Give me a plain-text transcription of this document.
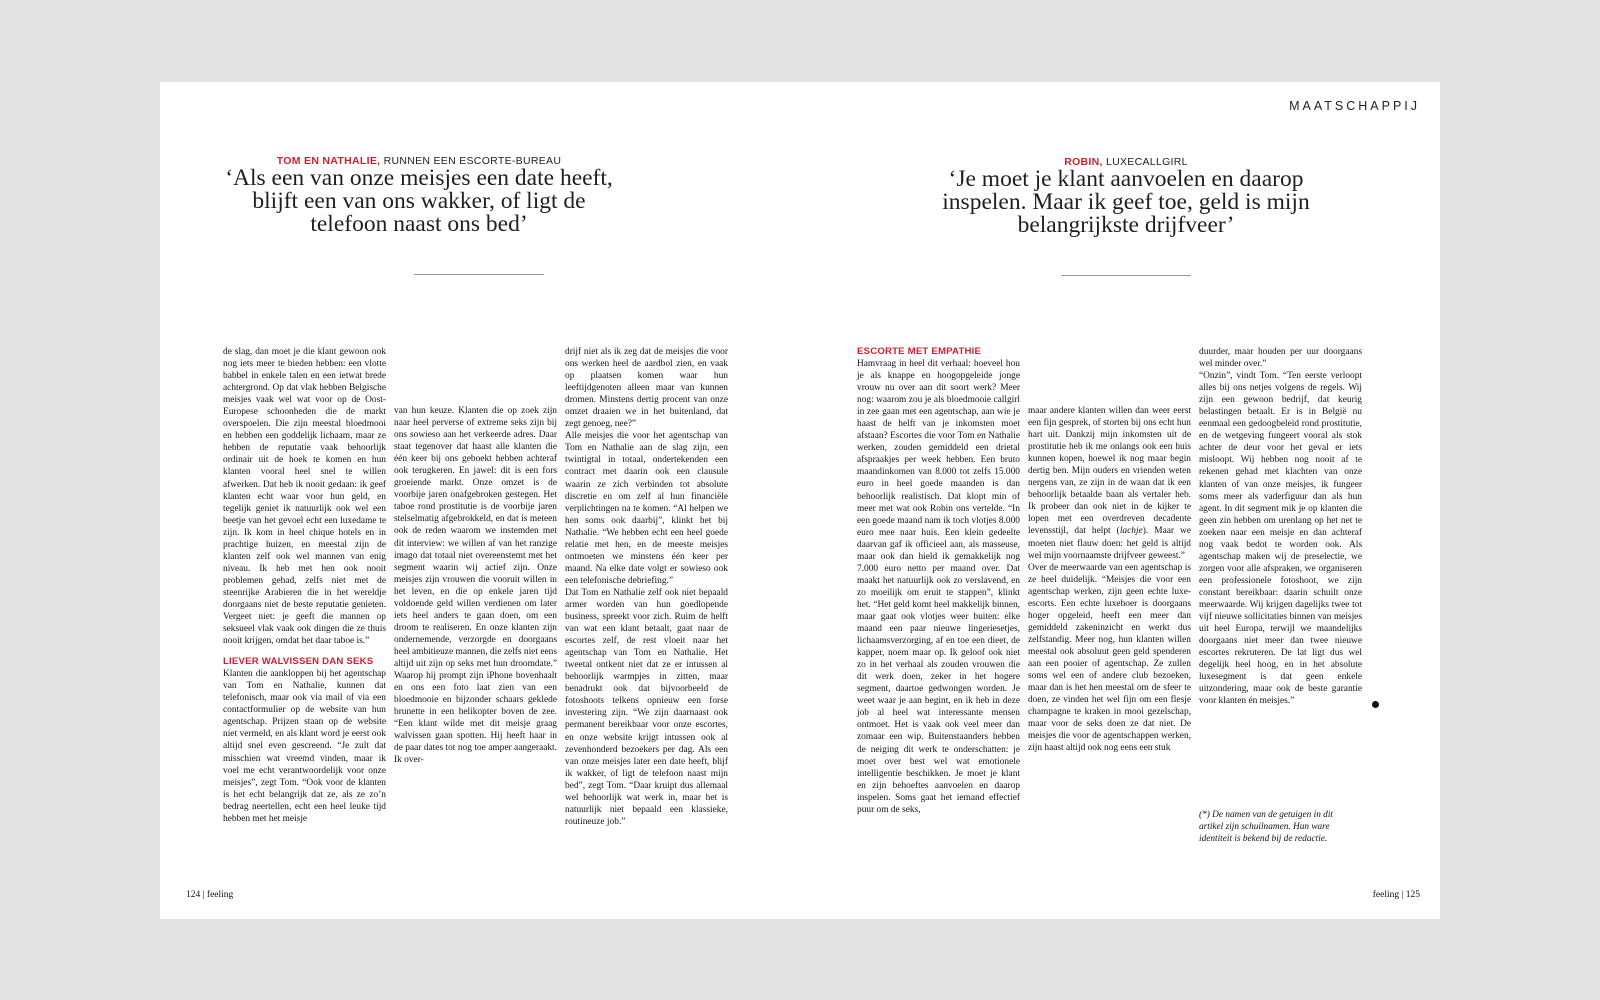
MAATSCHAPPIJ
TOM EN NATHALIE, RUNNEN EEN ESCORTE-BUREAU
‘Als een van onze meisjes een date heeft, blijft een van ons wakker, of ligt de telefoon naast ons bed’
ROBIN, LUXECALLGIRL
‘Je moet je klant aanvoelen en daarop inspelen. Maar ik geef toe, geld is mijn belangrijkste drijfveer’

de slag, dan moet je die klant gewoon ook nog iets meer te bieden hebben: een vlotte babbel in enkele talen en een ietwat brede achtergrond. Op dat vlak hebben Belgische meisjes vaak wel wat voor op de Oost-Europese schoonheden die de markt overspoelen. Die zijn meestal bloedmooi en hebben een goddelijk lichaam, maar ze hebben de reputatie vaak behoorlijk ordinair uit de hoek te komen en hun klanten vooral heel snel te willen afwerken. Dat heb ik nooit gedaan: ik geef klanten echt waar voor hun geld, en tegelijk geniet ik natuurlijk ook wel een beetje van het gevoel echt een luxedame te zijn. Ik kom in heel chique hotels en in prachtige huizen, en meestal zijn de klanten zelf ook wel mannen van enig niveau. Ik heb met hen ook nooit problemen gehad, zelfs niet met de steenrijke Arabieren die in het wereldje doorgaans niet de beste reputatie genieten. Vergeet niet: je geeft die mannen op seksueel vlak vaak ook dingen die ze thuis nooit krijgen, omdat het daar taboe is.”

LIEVER WALVISSEN DAN SEKS

Klanten die aankloppen bij het agentschap van Tom en Nathalie, kunnen dat telefonisch, maar ook via mail of via een contactformulier op de website van hun agentschap. Prijzen staan op de website niet vermeld, en als klant word je eerst ook altijd snel even gescreend. “Je zult dat misschien wat vreemd vinden, maar ik voel me echt verantwoordelijk voor onze meisjes”, zegt Tom. “Ook voor de klanten is het echt belangrijk dat ze, als ze zo’n bedrag neertellen, echt een heel leuke tijd hebben met het meisje

van hun keuze. Klanten die op zoek zijn naar heel perverse of extreme seks zijn bij ons sowieso aan het verkeerde adres. Daar staat tegenover dat haast alle klanten die één keer bij ons geboekt hebben achteraf ook terugkeren. En jawel: dit is een fors groeiende markt. Onze omzet is de voorbije jaren onafgebroken gestegen. Het taboe rond prostitutie is de voorbije jaren stelselmatig afgebrokkeld, en dat is meteen ook de reden waarom we instemden met dit interview: we willen af van het ranzige imago dat totaal niet overeenstemt met het segment waarin wij actief zijn. Onze meisjes zijn vrouwen die vooruit willen in het leven, en die op enkele jaren tijd voldoende geld willen verdienen om later iets heel anders te gaan doen, om een droom te realiseren. En onze klanten zijn ondernemende, verzorgde en doorgaans heel ambitieuze mannen, die zelfs niet eens altijd uit zijn op seks met hun droomdate.” Waarop hij prompt zijn iPhone bovenhaalt en ons een foto laat zien van een bloedmooie en bijzonder schaars geklede brunette in een helikopter boven de zee. “Een klant wilde met dit meisje graag walvissen gaan spotten. Hij heeft haar in de paar dates tot nog toe amper aangeraakt. Ik over-

drijf niet als ik zeg dat de meisjes die voor ons werken heel de aardbol zien, en vaak op plaatsen komen waar hun leeftijdgenoten alleen maar van kunnen dromen. Minstens dertig procent van onze omzet draaien we in het buitenland, dat zegt genoeg, nee?”

Alle meisjes die voor het agentschap van Tom en Nathalie aan de slag zijn, een twintigtal in totaal, ondertekenden een contract met daarin ook een clausule waarin ze zich verbinden tot absolute discretie en om zelf al hun financiële verplichtingen na te komen. “Al helpen we hen soms ook daarbij”, klinkt het bij Nathalie. “We hebben echt een heel goede relatie met hen, en de meeste meisjes ontmoeten we minstens één keer per maand. Na elke date volgt er sowieso ook een telefonische debriefing.”

Dat Tom en Nathalie zelf ook niet bepaald armer worden van hun goedlopende business, spreekt voor zich. Ruim de helft van wat een klant betaalt, gaat naar de escortes zelf, de rest vloeit naar het agentschap van Tom en Nathalie. Het tweetal ontkent niet dat ze er intussen al behoorlijk warmpjes in zitten, maar benadrukt ook dat bijvoorbeeld de fotoshoots telkens opnieuw een forse investering zijn. “We zijn daarnaast ook permanent bereikbaar voor onze escortes, en onze website krijgt intussen ook al zevenhonderd bezoekers per dag. Als een van onze meisjes later een date heeft, blijf ik wakker, of ligt de telefoon naast mijn bed”, zegt Tom. “Daar kruipt dus allemaal wel behoorlijk wat werk in, maar het is natuurlijk niet bepaald een klassieke, routineuze job.”

ESCORTE MET EMPATHIE

Hamvraag in heel dit verhaal: hoeveel hou je als knappe en hoogopgeleide jonge vrouw nu over aan dit soort werk? Meer nog: waarom zou je als bloedmooie callgirl in zee gaan met een agentschap, aan wie je haast de helft van je inkomsten moet afstaan? Escortes die voor Tom en Nathalie werken, zouden gemiddeld een drietal afspraakjes per week hebben. Een bruto maandinkomen van 8.000 tot zelfs 15.000 euro in heel goede maanden is dan behoorlijk realistisch. Dat klopt min of meer met wat ook Robin ons vertelde. “In een goede maand nam ik toch vlotjes 8.000 euro mee naar huis. Een klein gedeelte daarvan gaf ik officieel aan, als masseuse, maar ook dan hield ik gemakkelijk nog 7.000 euro netto per maand over. Dat maakt het natuurlijk ook zo verslavend, en zo moeilijk om eruit te stappen”, klinkt het. “Het geld komt heel makkelijk binnen, maar gaat ook vlotjes weer buiten: elke maand een paar nieuwe lingeriesetjes, lichaamsverzorging, af en toe een dieet, de kapper, noem maar op. Ik geloof ook niet zo in het verhaal als zouden vrouwen die dit werk doen, zeker in het hogere segment, daartoe gedwongen worden. Je weet waar je aan begint, en ik heb in deze job al heel wat interessante mensen ontmoet. Het is vaak ook veel meer dan zomaar een wip. Buitenstaanders hebben de neiging dit werk te onderschatten: je moet over best wel wat emotionele intelligentie beschikken. Je moet je klant en zijn behoeftes aanvoelen en daarop inspelen. Soms gaat het iemand effectief puur om de seks,

maar andere klanten willen dan weer eerst een fijn gesprek, of storten bij ons echt hun hart uit. Dankzij mijn inkomsten uit de prostitutie heb ik me onlangs ook een huis kunnen kopen, hoewel ik nog maar begin dertig ben. Mijn ouders en vrienden weten nergens van, ze zijn in de waan dat ik een behoorlijk betaalde baan als vertaler heb. Ik probeer dan ook niet in de kijker te lopen met een overdreven decadente levensstijl, dat helpt (lachje). Maar we moeten niet flauw doen: het geld is altijd wel mijn voornaamste drijfveer geweest.”

Over de meerwaarde van een agentschap is ze heel duidelijk. “Meisjes die voor een agentschap werken, zijn geen echte luxe-escorts. Een echte luxehoer is doorgaans hoger opgeleid, heeft een meer dan gemiddeld zakeninzicht en werkt dus zelfstandig. Meer nog, hun klanten willen meestal ook absoluut geen geld spenderen aan een pooier of agentschap. Ze zullen soms wel een of andere club bezoeken, maar dan is het hen meestal om de sfeer te doen, ze vinden het wel fijn om een flesje champagne te kraken in mooi gezelschap, maar voor de seks doen ze dat niet. De meisjes die voor de agentschappen werken, zijn haast altijd ook nog eens een stuk

duurder, maar houden per uur doorgaans wel minder over.”

“Onzin”, vindt Tom. “Ten eerste verloopt alles bij ons netjes volgens de regels. Wij zijn een gewoon bedrijf, dat keurig belastingen betaalt. Er is in België nu eenmaal een gedoogbeleid rond prostitutie, en de wetgeving fungeert vooral als stok achter de deur voor het geval er iets misloopt. Wij hebben nog nooit af te rekenen gehad met klachten van onze klanten of van onze meisjes, ik fungeer soms meer als vaderfiguur dan als hun agent. In dit segment mik je op klanten die geen zin hebben om urenlang op het net te zoeken naar een meisje en dan achteraf nog vaak bedot te worden ook. Als agentschap maken wij de preselectie, we zorgen voor alle afspraken, we organiseren een professionele fotoshoot, we zijn constant bereikbaar: daarin schuilt onze meerwaarde. Wij krijgen dagelijks twee tot vijf nieuwe sollicitaties binnen van meisjes uit heel Europa, terwijl we maandelijks doorgaans niet meer dan twee nieuwe escortes rekruteren. De lat ligt dus wel degelijk heel hoog, en in het absolute luxesegment is dat geen enkele uitzondering, maar ook de beste garantie voor klanten én meisjes.”

(*) De namen van de getuigen in dit artikel zijn schuilnamen. Hun ware identiteit is bekend bij de redactie.
124 | feeling	feeling | 125
